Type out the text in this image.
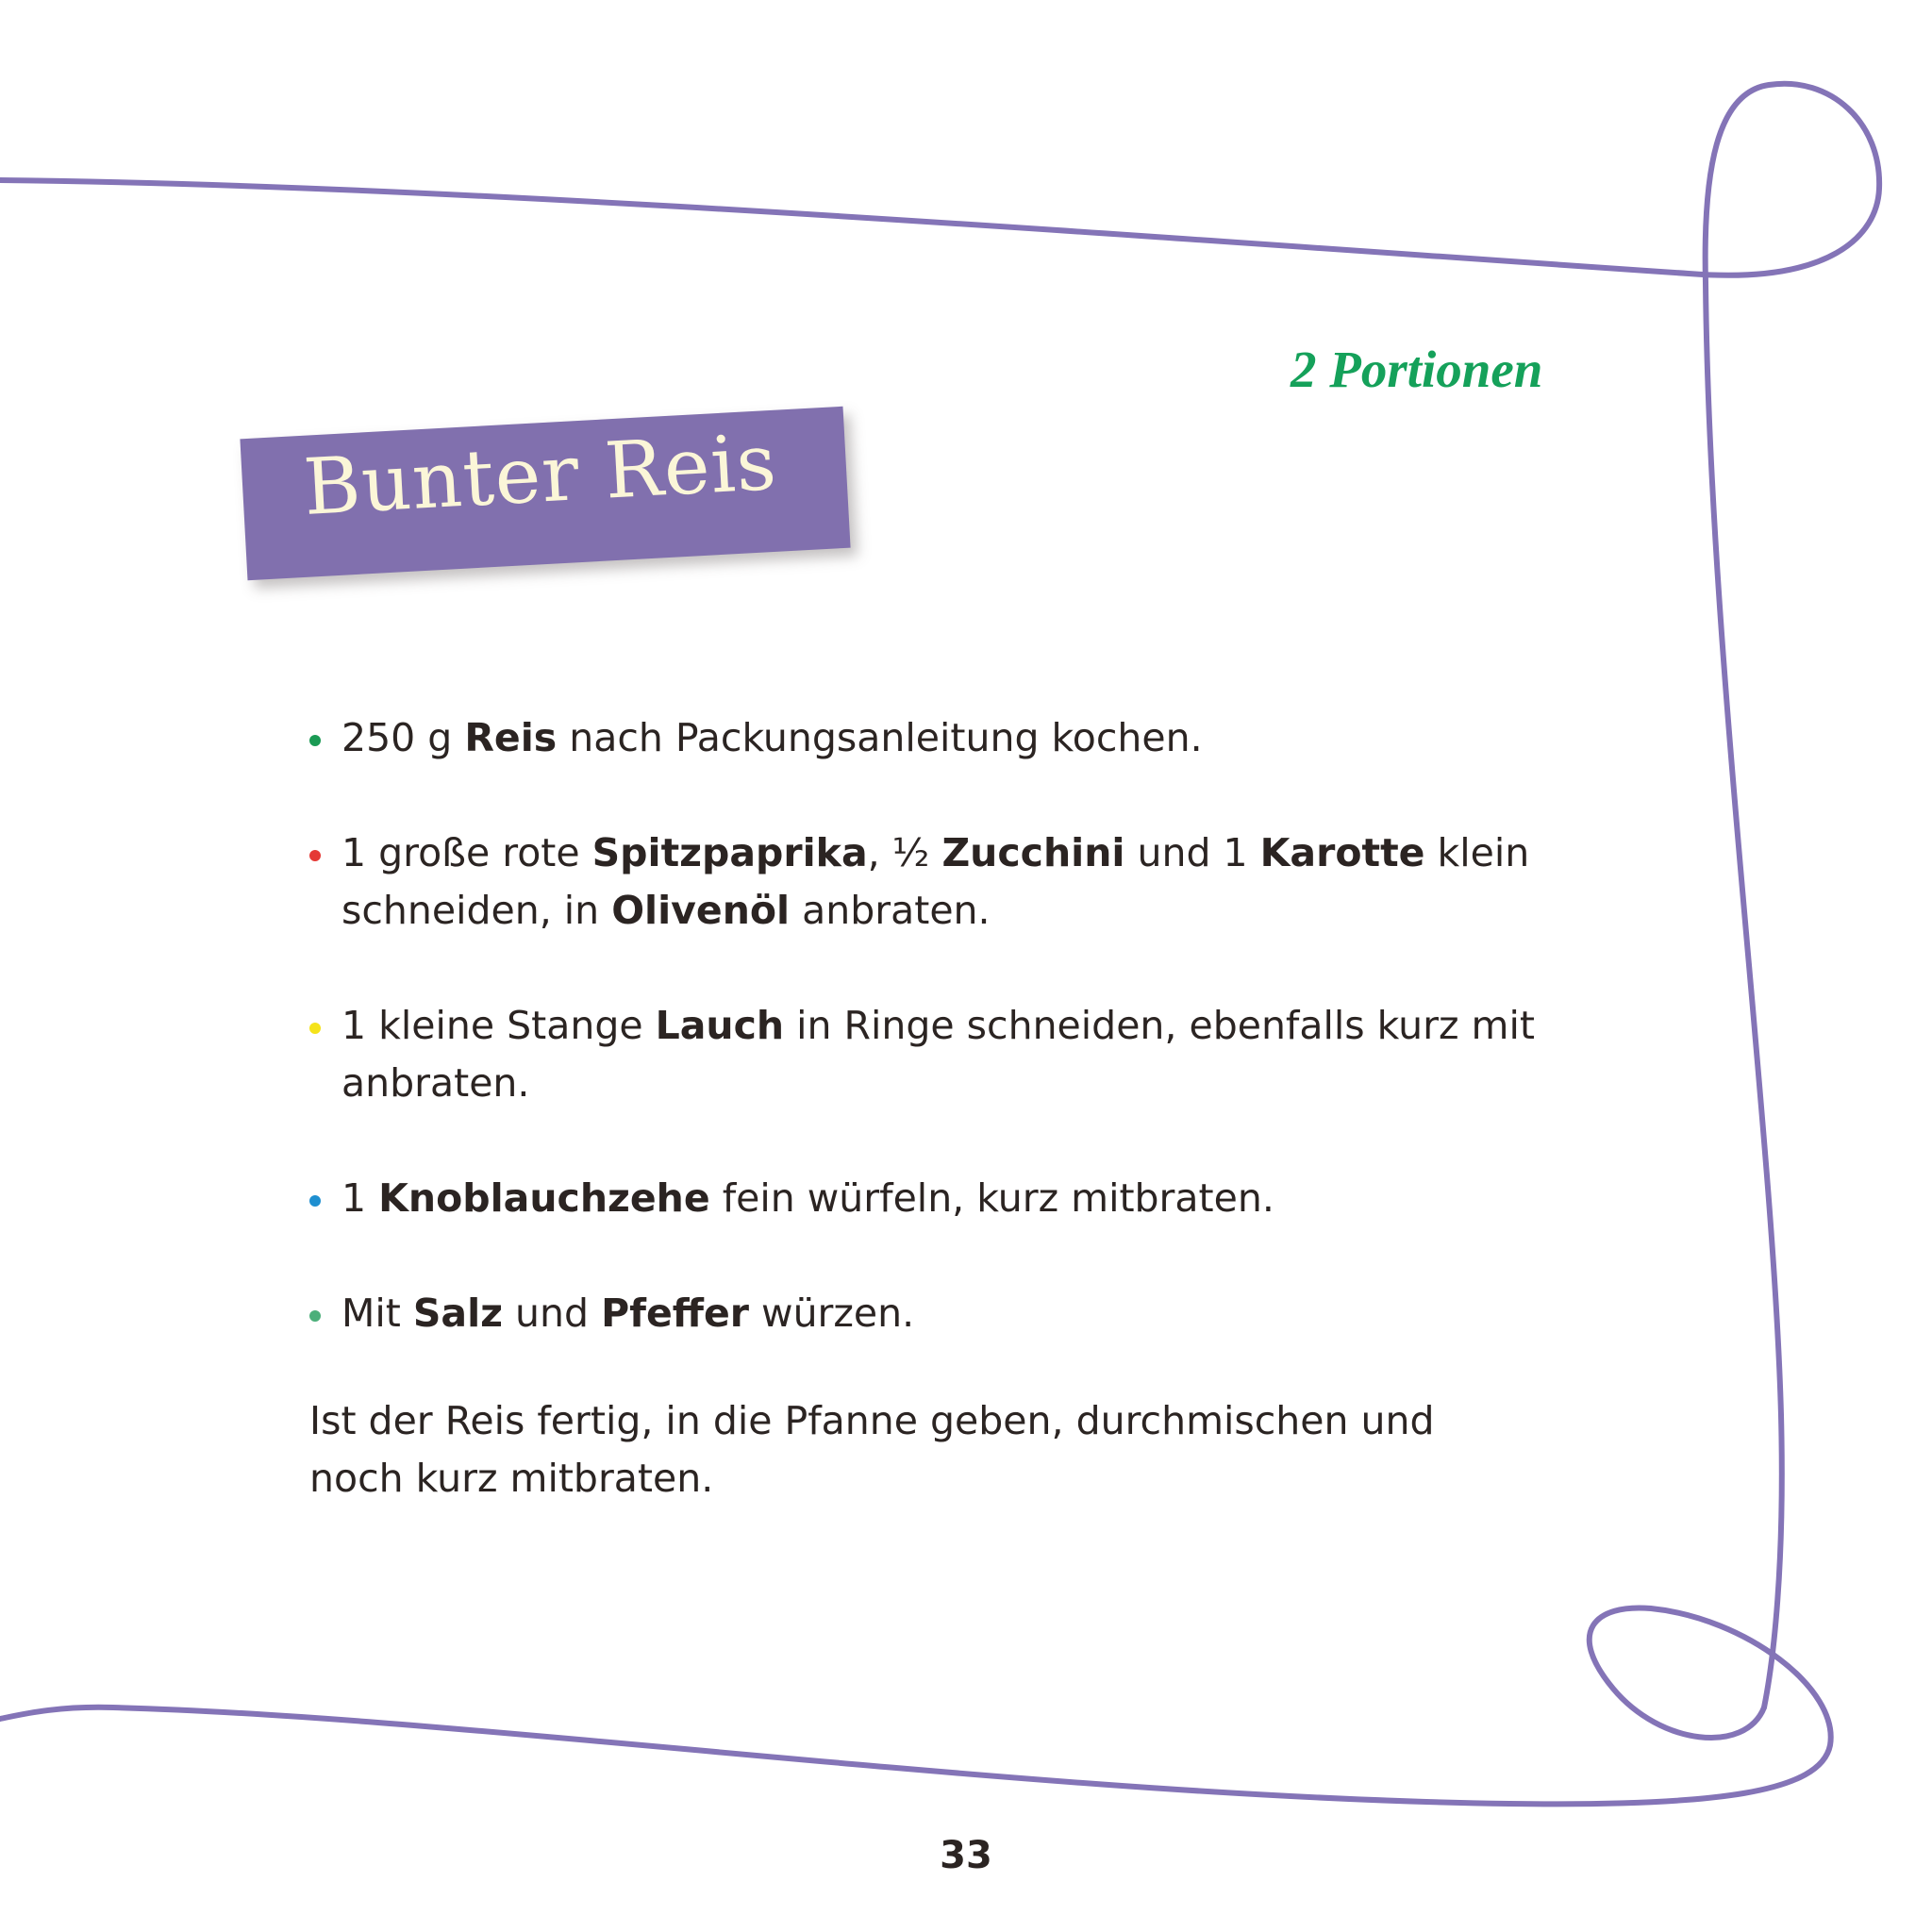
Bunter Reis
2 Portionen
250 g Reis nach Packungsanleitung kochen.
1 große rote Spitzpaprika, ½ Zucchini und 1 Karotte klein schneiden, in Olivenöl anbraten.
1 kleine Stange Lauch in Ringe schneiden, ebenfalls kurz mit anbraten.
1 Knoblauchzehe fein würfeln, kurz mitbraten.
Mit Salz und Pfeffer würzen.

Ist der Reis fertig, in die Pfanne geben, durchmischen und noch kurz mitbraten.

33
